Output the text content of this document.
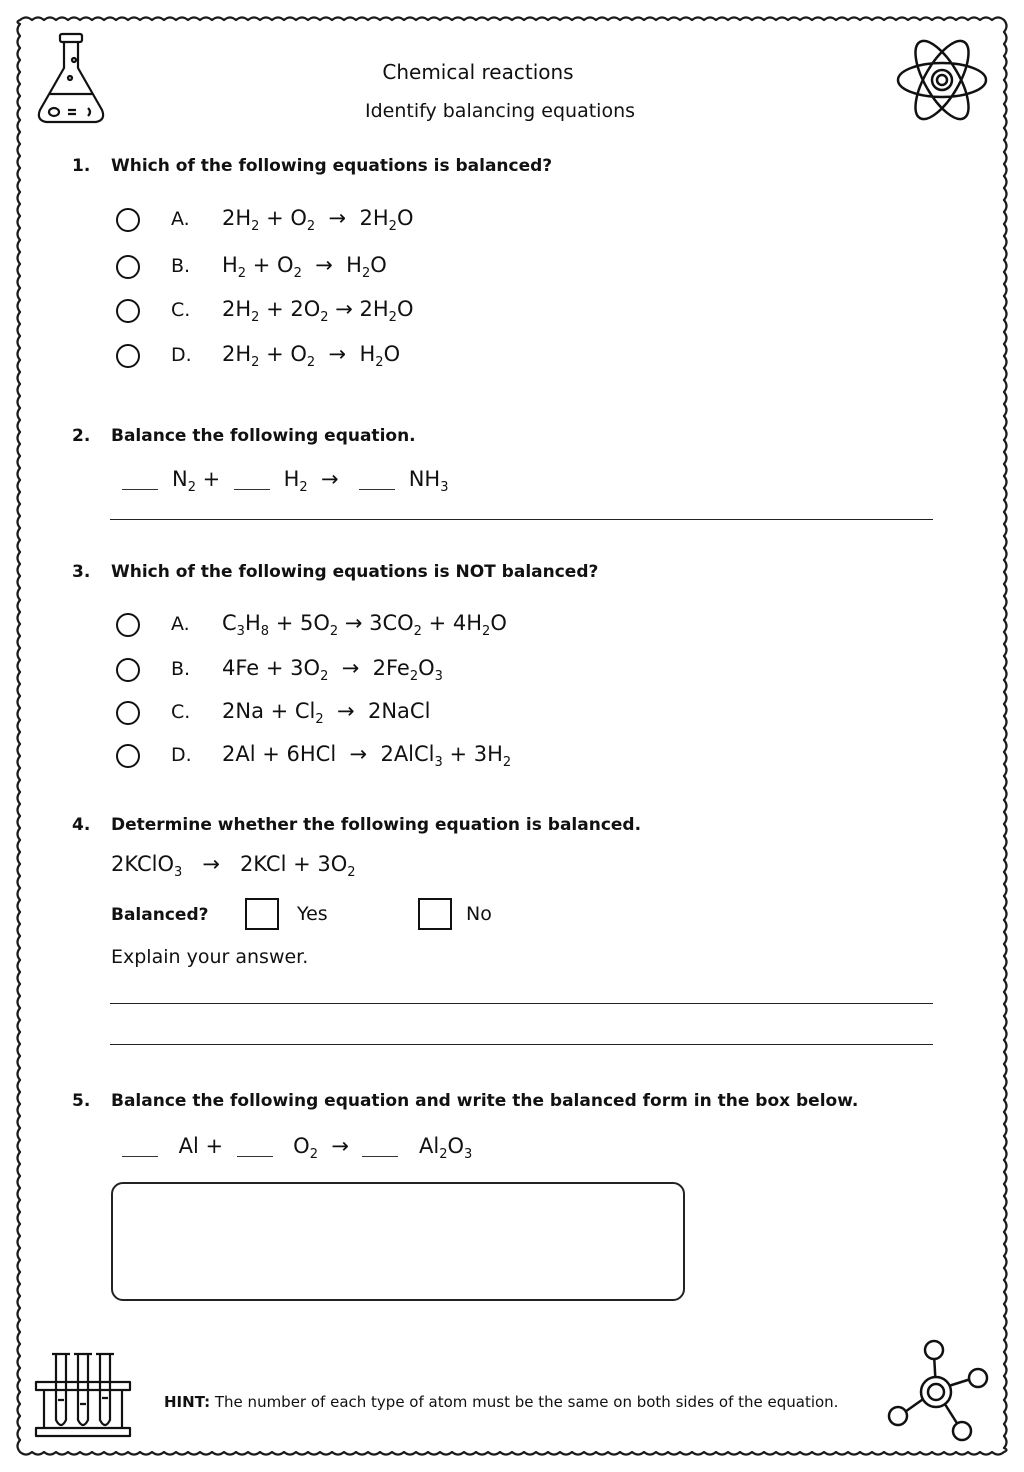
Chemical reactions
Identify balancing equations
1. Which of the following equations is balanced?
A. $2H_2 + O_2 \to 2H_2O$
B. $H_2 + O_2 \to H_2O$
C. $2H_2 + 2O_2 \to 2H_2O$
D. $2H_2 + O_2 \to H_2O$
2. Balance the following equation.
$N_2 + H_2 \to NH_3$
3. Which of the following equations is NOT balanced?
A. $C_3H_8 + 5O_2 \to 3CO_2 + 4H_2O$
B. $4Fe + 3O_2 \to 2Fe_2O_3$
C. $2Na + Cl_2$  →  2NaCl
D. 2Al + 6HCl  →  2AlCl$_3$ + $3H_2$
4. Determine whether the following equation is balanced.
2KClO$_3$   →   $2KCl + 3O_2$
Balanced?	Yes	No
Explain your answer.
5. Balance the following equation and write the balanced form in the box below.
$Al + O_2 \to Al_2O_3$
HINT: The number of each type of atom must be the same on both sides of the equation.
